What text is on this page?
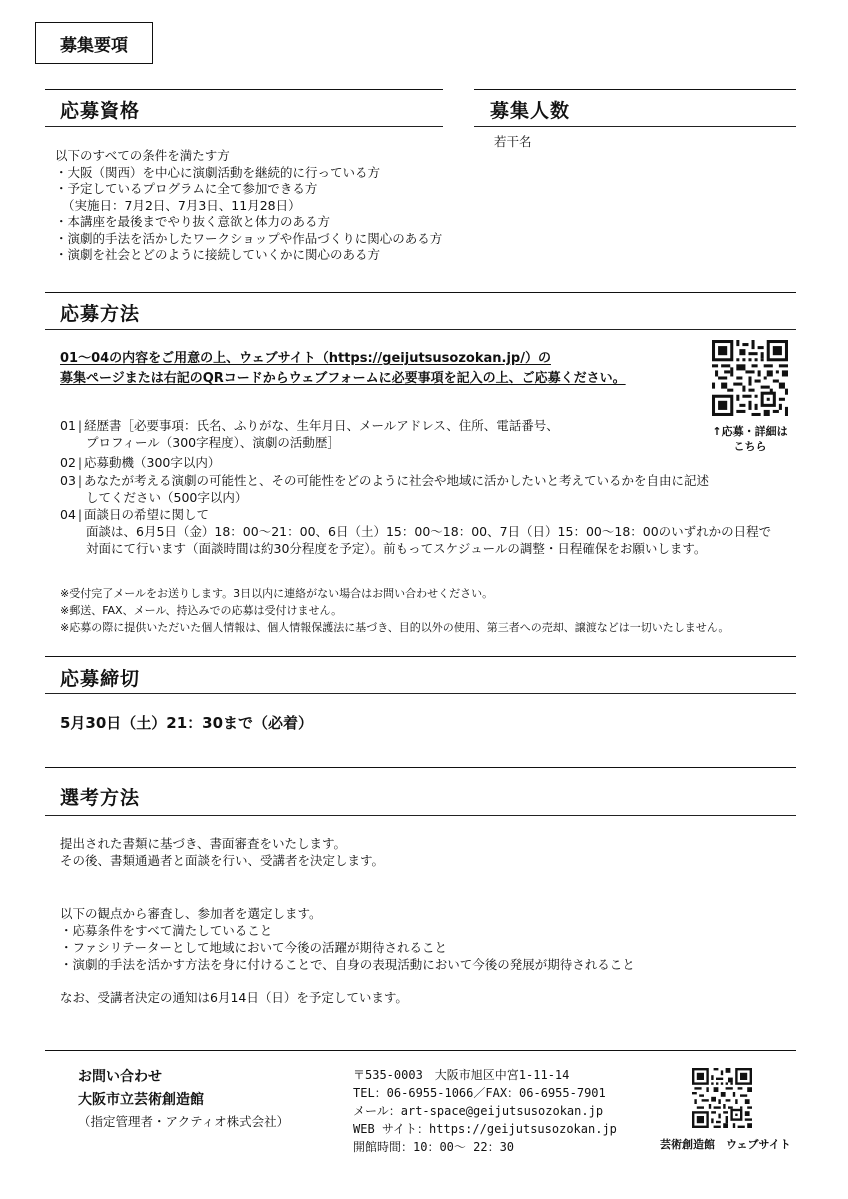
募集要項
応募資格
以下のすべての条件を満たす方
・大阪（関西）を中心に演劇活動を継続的に行っている方
・予定しているプログラムに全て参加できる方
（実施日：7月2日、7月3日、11月28日）
・本講座を最後までやり抜く意欲と体力のある方
・演劇的手法を活かしたワークショップや作品づくりに関心のある方
・演劇を社会とどのように接続していくかに関心のある方
募集人数
若干名
応募方法
01～04の内容をご用意の上、ウェブサイト（https://geijutsusozokan.jp/）の
募集ページまたは右記のQRコードからウェブフォームに必要事項を記入の上、ご応募ください。
↑応募・詳細は
こちら
01 | 経歴書［必要事項：氏名、ふりがな、生年月日、メールアドレス、住所、電話番号、
プロフィール（300字程度）、演劇の活動歴］
02 | 応募動機（300字以内）
03 | あなたが考える演劇の可能性と、その可能性をどのように社会や地域に活かしたいと考えているかを自由に記述
してください（500字以内）
04 | 面談日の希望に関して
面談は、6月5日（金）18：00～21：00、6日（土）15：00～18：00、7日（日）15：00～18：00のいずれかの日程で
対面にて行います（面談時間は約30分程度を予定）。前もってスケジュールの調整・日程確保をお願いします。
※受付完了メールをお送りします。3日以内に連絡がない場合はお問い合わせください。
※郵送、FAX、メール、持込みでの応募は受付けません。
※応募の際に提供いただいた個人情報は、個人情報保護法に基づき、目的以外の使用、第三者への売却、譲渡などは一切いたしません。
応募締切
5月30日（土）21：30まで（必着）
選考方法
提出された書類に基づき、書面審査をいたします。
その後、書類通過者と面談を行い、受講者を決定します。
以下の観点から審査し、参加者を選定します。
・応募条件をすべて満たしていること
・ファシリテーターとして地域において今後の活躍が期待されること
・演劇的手法を活かす方法を身に付けることで、自身の表現活動において今後の発展が期待されること
なお、受講者決定の通知は6月14日（日）を予定しています。
お問い合わせ
大阪市立芸術創造館
（指定管理者・アクティオ株式会社）
〒535-0003　大阪市旭区中宮1-11-14
TEL：06-6955-1066／FAX：06-6955-7901
メール：art-space@geijutsusozokan.jp
WEB サイト：https://geijutsusozokan.jp
開館時間：10：00～ 22：30	芸術創造館　ウェブサイト
